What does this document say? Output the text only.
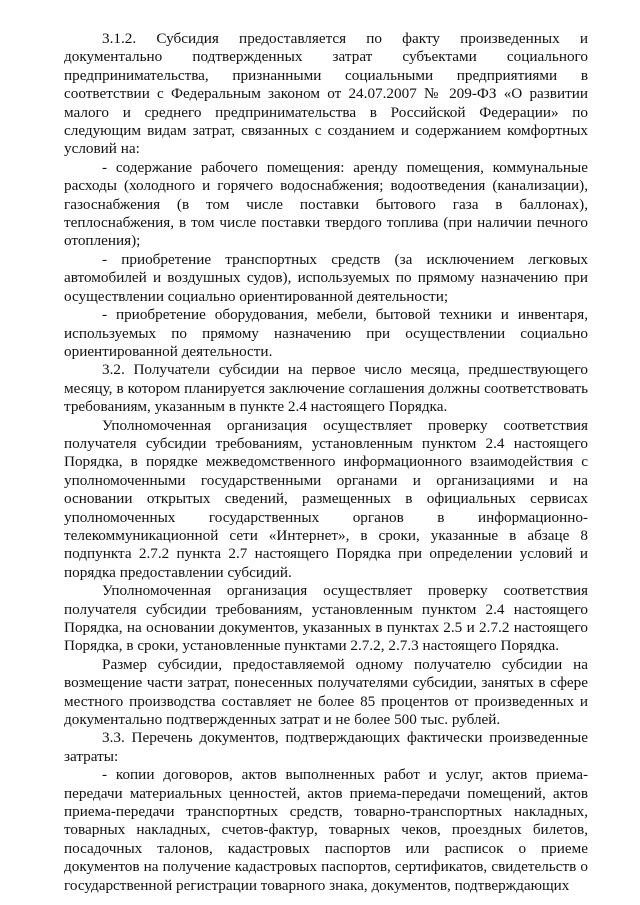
3.1.2. Субсидия предоставляется по факту произведенных и документально подтвержденных затрат субъектами социального предпринимательства, признанными социальными предприятиями в соответствии с Федеральным законом от 24.07.2007 № 209-ФЗ «О развитии малого и среднего предпринимательства в Российской Федерации» по следующим видам затрат, связанных с созданием и содержанием комфортных условий на:

- содержание рабочего помещения: аренду помещения, коммунальные расходы (холодного и горячего водоснабжения; водоотведения (канализации), газоснабжения (в том числе поставки бытового газа в баллонах), теплоснабжения, в том числе поставки твердого топлива (при наличии печного отопления);

- приобретение транспортных средств (за исключением легковых автомобилей и воздушных судов), используемых по прямому назначению при осуществлении социально ориентированной деятельности;

- приобретение оборудования, мебели, бытовой техники и инвентаря, используемых по прямому назначению при осуществлении социально ориентированной деятельности.

3.2. Получатели субсидии на первое число месяца, предшествующего месяцу, в котором планируется заключение соглашения должны соответствовать требованиям, указанным в пункте 2.4 настоящего Порядка.

Уполномоченная организация осуществляет проверку соответствия получателя субсидии требованиям, установленным пунктом 2.4 настоящего Порядка, в порядке межведомственного информационного взаимодействия с уполномоченными государственными органами и организациями и на основании открытых сведений, размещенных в официальных сервисах уполномоченных государственных органов в информационно-телекоммуникационной сети «Интернет», в сроки, указанные в абзаце 8 подпункта 2.7.2 пункта 2.7 настоящего Порядка при определении условий и порядка предоставлении субсидий.

Уполномоченная организация осуществляет проверку соответствия получателя субсидии требованиям, установленным пунктом 2.4 настоящего Порядка, на основании документов, указанных в пунктах 2.5 и 2.7.2 настоящего Порядка, в сроки, установленные пунктами 2.7.2, 2.7.3 настоящего Порядка.

Размер субсидии, предоставляемой одному получателю субсидии на возмещение части затрат, понесенных получателями субсидии, занятых в сфере местного производства составляет не более 85 процентов от произведенных и документально подтвержденных затрат и не более 500 тыс. рублей.

3.3. Перечень документов, подтверждающих фактически произведенные затраты:

- копии договоров, актов выполненных работ и услуг, актов приема-передачи материальных ценностей, актов приема-передачи помещений, актов приема-передачи транспортных средств, товарно-транспортных накладных, товарных накладных, счетов-фактур, товарных чеков, проездных билетов, посадочных талонов, кадастровых паспортов или расписок о приеме документов на получение кадастровых паспортов, сертификатов, свидетельств о государственной регистрации товарного знака, документов, подтверждающих
